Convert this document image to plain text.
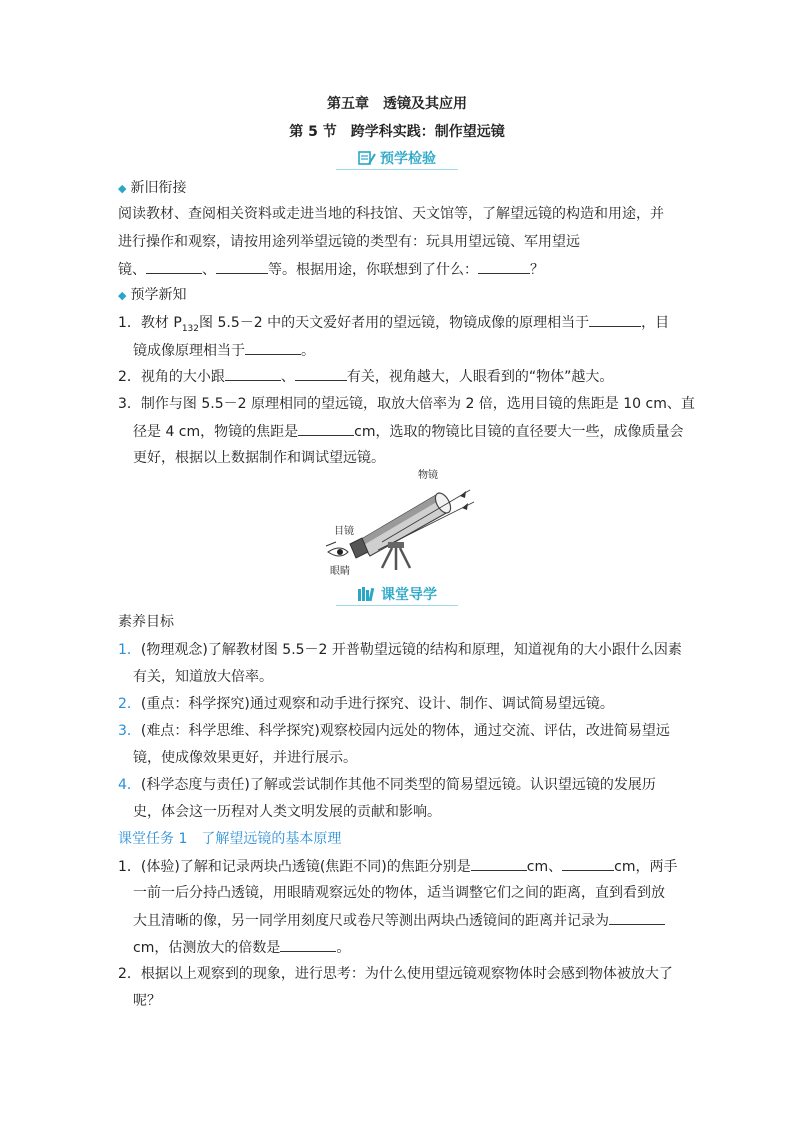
第五章　透镜及其应用
第 5 节　跨学科实践：制作望远镜
预学检验
◆ 新旧衔接
阅读教材、查阅相关资料或走进当地的科技馆、天文馆等，了解望远镜的构造和用途，并
进行操作和观察，请按用途列举望远镜的类型有：玩具用望远镜、军用望远
镜、	、	等。根据用途，你联想到了什么：	？
◆ 预学新知
1．教材 $P_{132}$图 5.5－2 中的天文爱好者用的望远镜，物镜成像的原理相当于	，目
镜成像原理相当于	。
2．视角的大小跟	、	有关，视角越大，人眼看到的“物体”越大。
3．制作与图 5.5－2 原理相同的望远镜，取放大倍率为 2 倍，选用目镜的焦距是 10 cm、直
径是 4 cm，物镜的焦距是	cm，选取的物镜比目镜的直径要大一些，成像质量会
更好，根据以上数据制作和调试望远镜。
物镜
目镜
眼睛
课堂导学
素养目标
1．(物理观念)了解教材图 5.5－2 开普勒望远镜的结构和原理，知道视角的大小跟什么因素
有关，知道放大倍率。
2．(重点：科学探究)通过观察和动手进行探究、设计、制作、调试简易望远镜。
3．(难点：科学思维、科学探究)观察校园内远处的物体，通过交流、评估，改进简易望远
镜，使成像效果更好，并进行展示。
4．(科学态度与责任)了解或尝试制作其他不同类型的简易望远镜。认识望远镜的发展历
史，体会这一历程对人类文明发展的贡献和影响。
课堂任务 1　了解望远镜的基本原理
1．(体验)了解和记录两块凸透镜(焦距不同)的焦距分别是	cm、	cm，两手
一前一后分持凸透镜，用眼睛观察远处的物体，适当调整它们之间的距离，直到看到放
大且清晰的像，另一同学用刻度尺或卷尺等测出两块凸透镜间的距离并记录为
cm，估测放大的倍数是	。
2．根据以上观察到的现象，进行思考：为什么使用望远镜观察物体时会感到物体被放大了
呢？
